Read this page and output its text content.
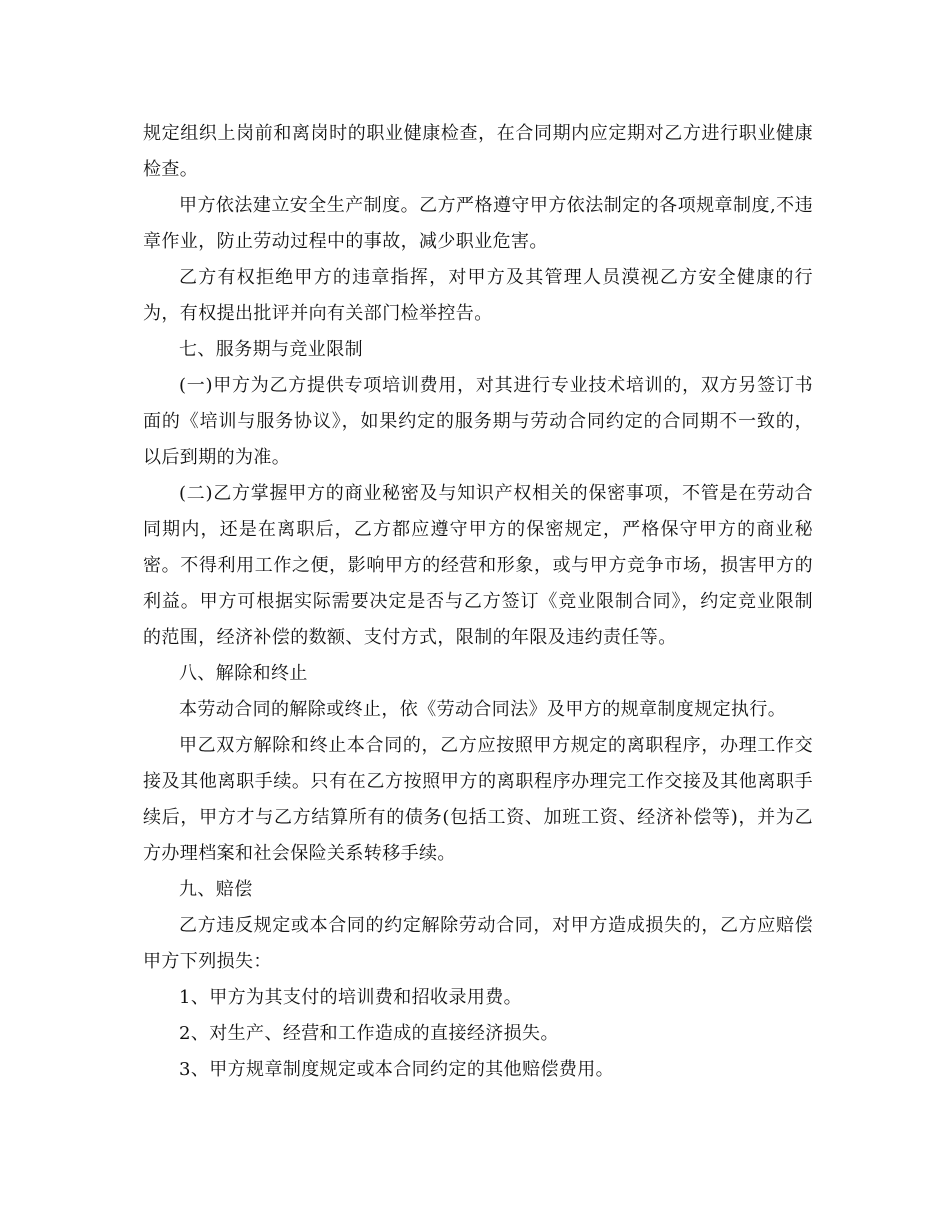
规定组织上岗前和离岗时的职业健康检查，在合同期内应定期对乙方进行职业健康检查。

甲方依法建立安全生产制度。乙方严格遵守甲方依法制定的各项规章制度,不违章作业，防止劳动过程中的事故，减少职业危害。

乙方有权拒绝甲方的违章指挥，对甲方及其管理人员漠视乙方安全健康的行为，有权提出批评并向有关部门检举控告。

七、服务期与竞业限制

(一)甲方为乙方提供专项培训费用，对其进行专业技术培训的，双方另签订书面的《培训与服务协议》，如果约定的服务期与劳动合同约定的合同期不一致的，以后到期的为准。

(二)乙方掌握甲方的商业秘密及与知识产权相关的保密事项，不管是在劳动合同期内，还是在离职后，乙方都应遵守甲方的保密规定，严格保守甲方的商业秘密。不得利用工作之便，影响甲方的经营和形象，或与甲方竞争市场，损害甲方的利益。甲方可根据实际需要决定是否与乙方签订《竞业限制合同》，约定竞业限制的范围，经济补偿的数额、支付方式，限制的年限及违约责任等。

八、解除和终止

本劳动合同的解除或终止，依《劳动合同法》及甲方的规章制度规定执行。

甲乙双方解除和终止本合同的，乙方应按照甲方规定的离职程序，办理工作交接及其他离职手续。只有在乙方按照甲方的离职程序办理完工作交接及其他离职手续后，甲方才与乙方结算所有的债务(包括工资、加班工资、经济补偿等)，并为乙方办理档案和社会保险关系转移手续。

九、赔偿

乙方违反规定或本合同的约定解除劳动合同，对甲方造成损失的，乙方应赔偿甲方下列损失：

1、甲方为其支付的培训费和招收录用费。

2、对生产、经营和工作造成的直接经济损失。

3、甲方规章制度规定或本合同约定的其他赔偿费用。
